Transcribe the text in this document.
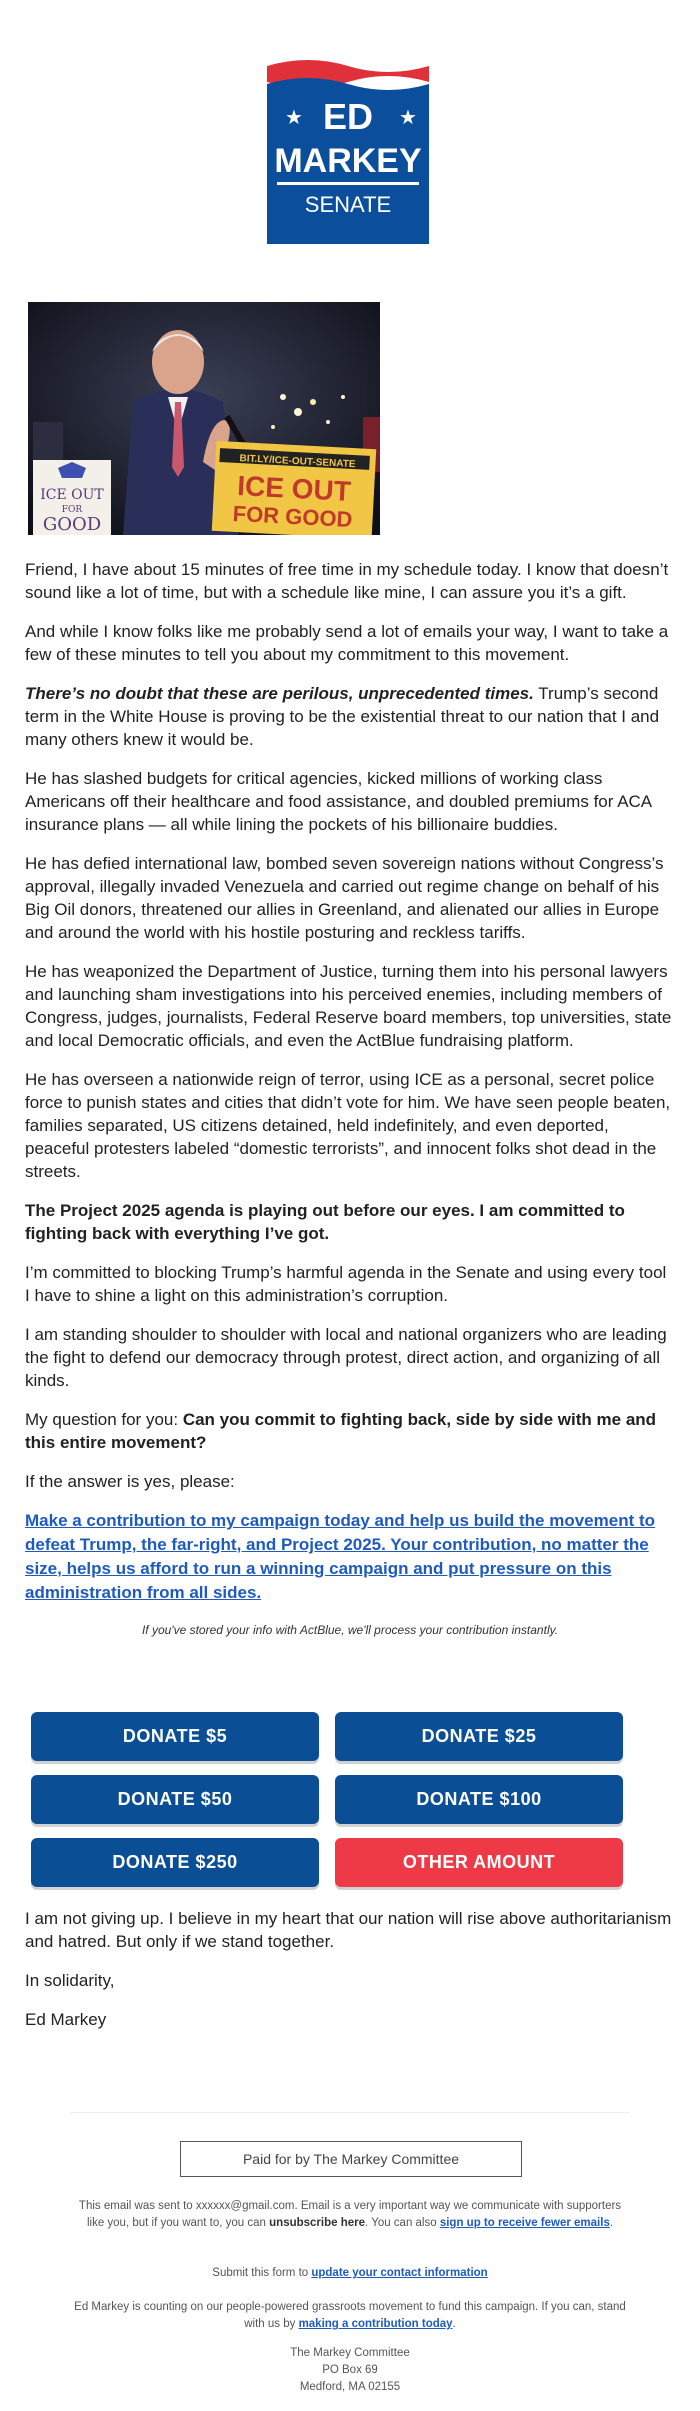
★	★
ED
MARKEY
SENATE
ICE OUT
FOR
GOOD
BIT.LY/ICE-OUT-SENATE
ICE OUT
FOR GOOD

Friend, I have about 15 minutes of free time in my schedule today. I know that doesn’t sound like a lot of time, but with a schedule like mine, I can assure you it’s a gift.

And while I know folks like me probably send a lot of emails your way, I want to take a few of these minutes to tell you about my commitment to this movement.

There’s no doubt that these are perilous, unprecedented times. Trump’s second term in the White House is proving to be the existential threat to our nation that I and many others knew it would be.

He has slashed budgets for critical agencies, kicked millions of working class Americans off their healthcare and food assistance, and doubled premiums for ACA insurance plans — all while lining the pockets of his billionaire buddies.

He has defied international law, bombed seven sovereign nations without Congress’s approval, illegally invaded Venezuela and carried out regime change on behalf of his Big Oil donors, threatened our allies in Greenland, and alienated our allies in Europe and around the world with his hostile posturing and reckless tariffs.

He has weaponized the Department of Justice, turning them into his personal lawyers and launching sham investigations into his perceived enemies, including members of Congress, judges, journalists, Federal Reserve board members, top universities, state and local Democratic officials, and even the ActBlue fundraising platform.

He has overseen a nationwide reign of terror, using ICE as a personal, secret police force to punish states and cities that didn’t vote for him. We have seen people beaten, families separated, US citizens detained, held indefinitely, and even deported, peaceful protesters labeled “domestic terrorists”, and innocent folks shot dead in the streets.

The Project 2025 agenda is playing out before our eyes. I am committed to fighting back with everything I’ve got.

I’m committed to blocking Trump’s harmful agenda in the Senate and using every tool I have to shine a light on this administration’s corruption.

I am standing shoulder to shoulder with local and national organizers who are leading the fight to defend our democracy through protest, direct action, and organizing of all kinds.

My question for you: Can you commit to fighting back, side by side with me and this entire movement?

If the answer is yes, please:

Make a contribution to my campaign today and help us build the movement to defeat Trump, the far-right, and Project 2025. Your contribution, no matter the size, helps us afford to run a winning campaign and put pressure on this administration from all sides.

If you've stored your info with ActBlue, we'll process your contribution instantly.

DONATE $5	DONATE $25
DONATE $50	DONATE $100
DONATE $250	OTHER AMOUNT

I am not giving up. I believe in my heart that our nation will rise above authoritarianism and hatred. But only if we stand together.

In solidarity,

Ed Markey

Paid for by The Markey Committee
This email was sent to xxxxxx@gmail.com. Email is a very important way we communicate with supporters like you, but if you want to, you can unsubscribe here. You can also sign up to receive fewer emails.
Submit this form to update your contact information
Ed Markey is counting on our people-powered grassroots movement to fund this campaign. If you can, stand with us by making a contribution today.
The Markey Committee
PO Box 69
Medford, MA 02155
